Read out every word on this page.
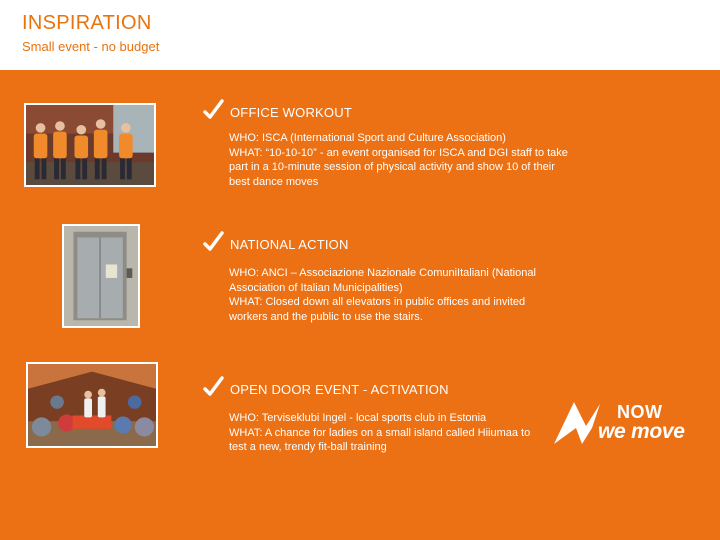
INSPIRATION
Small event - no budget
OFFICE WORKOUT
WHO: ISCA (International Sport and Culture Association)
WHAT: “10-10-10” - an event organised for ISCA and DGI staff to take
part in a 10-minute session of physical activity and show 10 of their
best dance moves
NATIONAL ACTION
WHO: ANCI – Associazione Nazionale ComuniItaliani (National
Association of Italian Municipalities)
WHAT: Closed down all elevators in public offices and invited
workers and the public to use the stairs.
OPEN DOOR EVENT - ACTIVATION
WHO: Terviseklubi Ingel - local sports club in Estonia
WHAT: A chance for ladies on a small island called Hiiumaa to
test a new, trendy fit-ball training
NOW
we move
